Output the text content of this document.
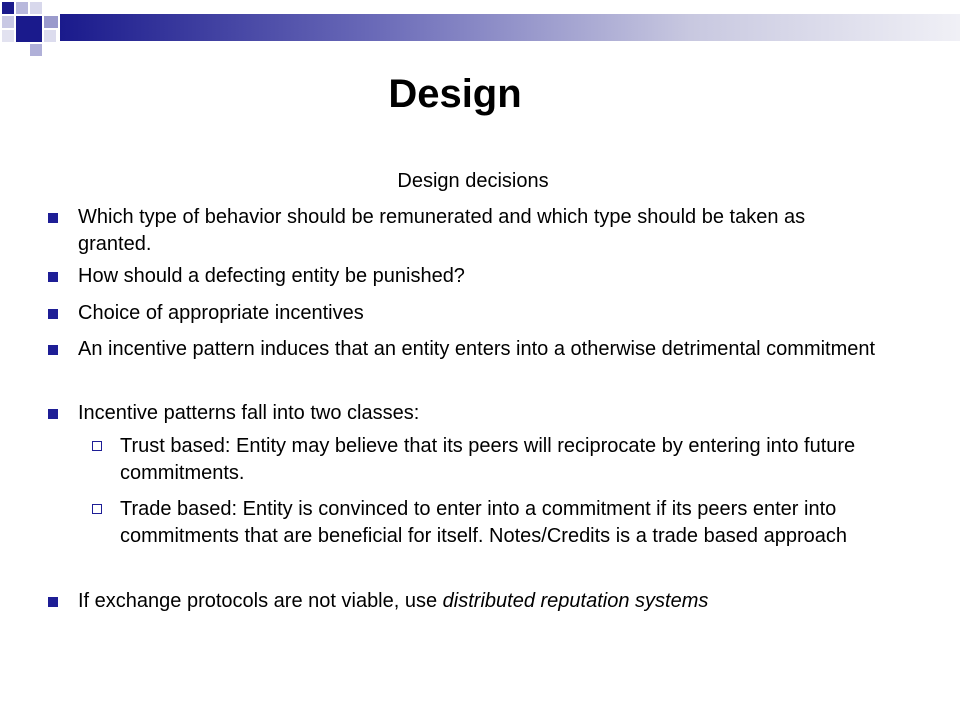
Design
Design decisions
Which type of behavior should be remunerated and which type should be taken as granted.
How should a defecting entity be punished?
Choice of appropriate incentives
An incentive pattern induces that an entity enters into a otherwise detrimental commitment
Incentive patterns fall into two classes:
Trust based: Entity may believe that its peers will reciprocate by entering into future commitments.
Trade based: Entity is convinced to enter into a commitment if its peers enter into commitments that are beneficial for itself. Notes/Credits is a trade based approach
If exchange protocols are not viable, use distributed reputation systems
